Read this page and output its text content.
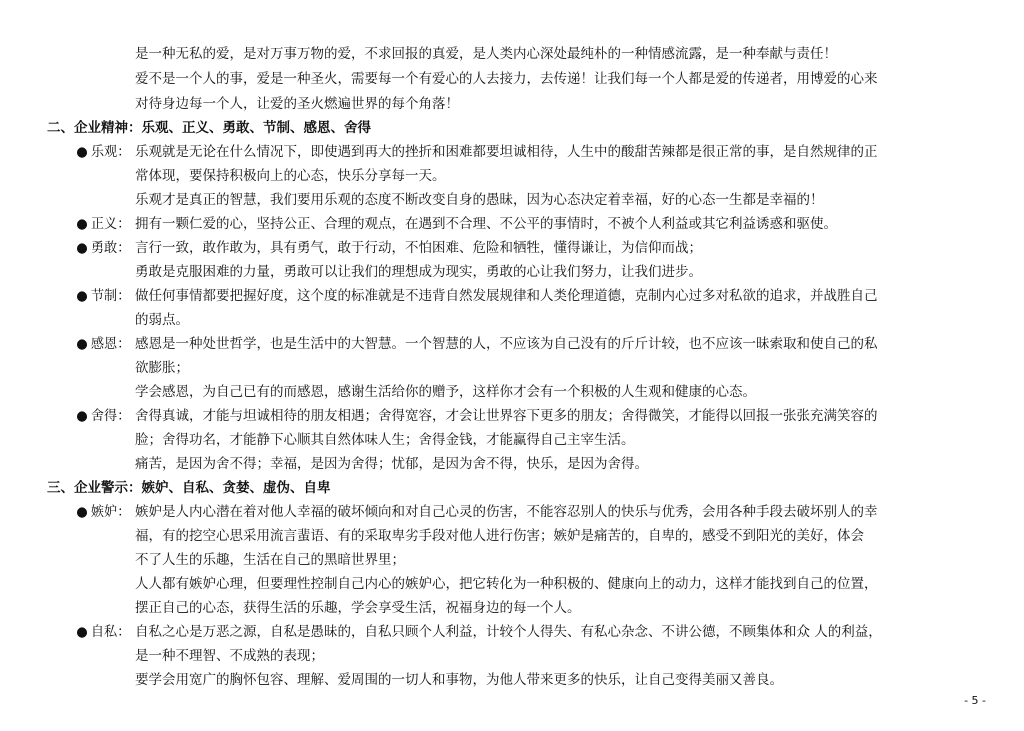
是一种无私的爱，是对万事万物的爱，不求回报的真爱，是人类内心深处最纯朴的一种情感流露，是一种奉献与责任！
爱不是一个人的事，爱是一种圣火，需要每一个有爱心的人去接力，去传递！让我们每一个人都是爱的传递者，用博爱的心来
对待身边每一个人，让爱的圣火燃遍世界的每个角落！
二、企业精神：乐观、正义、勇敢、节制、感恩、舍得
● 乐观： 乐观就是无论在什么情况下，即使遇到再大的挫折和困难都要坦诚相待，人生中的酸甜苦辣都是很正常的事，是自然规律的正
常体现，要保持积极向上的心态，快乐分享每一天。
乐观才是真正的智慧，我们要用乐观的态度不断改变自身的愚昧，因为心态决定着幸福，好的心态一生都是幸福的！
● 正义： 拥有一颗仁爱的心，坚持公正、合理的观点，在遇到不合理、不公平的事情时，不被个人利益或其它利益诱惑和驱使。
● 勇敢： 言行一致，敢作敢为，具有勇气，敢于行动，不怕困难、危险和牺牲，懂得谦让，为信仰而战；
勇敢是克服困难的力量，勇敢可以让我们的理想成为现实，勇敢的心让我们努力，让我们进步。
● 节制： 做任何事情都要把握好度，这个度的标准就是不违背自然发展规律和人类伦理道德，克制内心过多对私欲的追求，并战胜自己
的弱点。
● 感恩： 感恩是一种处世哲学，也是生活中的大智慧。一个智慧的人，不应该为自己没有的斤斤计较，也不应该一昧索取和使自己的私
欲膨胀；
学会感恩，为自己已有的而感恩，感谢生活给你的赠予，这样你才会有一个积极的人生观和健康的心态。
● 舍得： 舍得真诚，才能与坦诚相待的朋友相遇；舍得宽容，才会让世界容下更多的朋友；舍得微笑，才能得以回报一张张充满笑容的
脸；舍得功名，才能静下心顺其自然体味人生；舍得金钱，才能赢得自己主宰生活。
痛苦，是因为舍不得；幸福，是因为舍得；忧郁，是因为舍不得，快乐，是因为舍得。
三、企业警示：嫉妒、自私、贪婪、虚伪、自卑
● 嫉妒： 嫉妒是人内心潜在着对他人幸福的破坏倾向和对自己心灵的伤害，不能容忍别人的快乐与优秀，会用各种手段去破坏别人的幸
福，有的挖空心思采用流言蜚语、有的采取卑劣手段对他人进行伤害；嫉妒是痛苦的，自卑的，感受不到阳光的美好，体会
不了人生的乐趣，生活在自己的黑暗世界里；
人人都有嫉妒心理，但要理性控制自己内心的嫉妒心，把它转化为一种积极的、健康向上的动力，这样才能找到自己的位置，
摆正自己的心态，获得生活的乐趣，学会享受生活，祝福身边的每一个人。
● 自私： 自私之心是万恶之源，自私是愚昧的，自私只顾个人利益，计较个人得失、有私心杂念、不讲公德，不顾集体和众 人的利益，
是一种不理智、不成熟的表现；
要学会用宽广的胸怀包容、理解、爱周围的一切人和事物，为他人带来更多的快乐，让自己变得美丽又善良。
- 5 -
